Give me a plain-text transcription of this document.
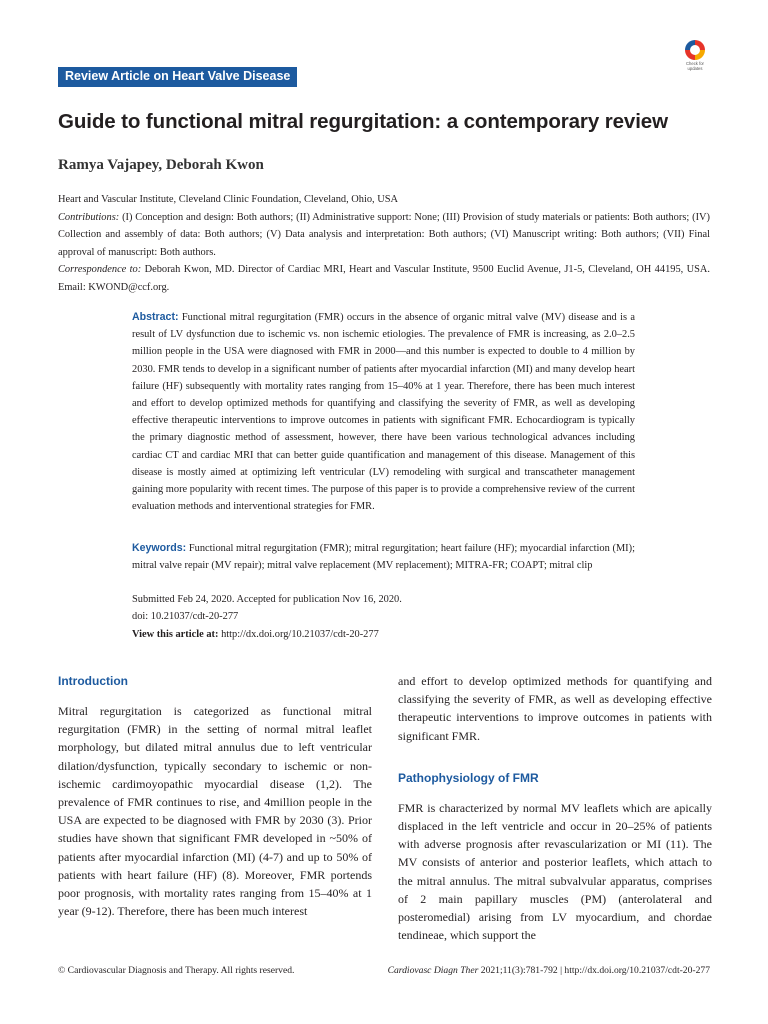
Review Article on Heart Valve Disease
Check for updates
Guide to functional mitral regurgitation: a contemporary review
Ramya Vajapey, Deborah Kwon

Heart and Vascular Institute, Cleveland Clinic Foundation, Cleveland, Ohio, USA

Contributions: (I) Conception and design: Both authors; (II) Administrative support: None; (III) Provision of study materials or patients: Both authors; (IV) Collection and assembly of data: Both authors; (V) Data analysis and interpretation: Both authors; (VI) Manuscript writing: Both authors; (VII) Final approval of manuscript: Both authors.

Correspondence to: Deborah Kwon, MD. Director of Cardiac MRI, Heart and Vascular Institute, 9500 Euclid Avenue, J1-5, Cleveland, OH 44195, USA. Email: KWOND@ccf.org.

Abstract: Functional mitral regurgitation (FMR) occurs in the absence of organic mitral valve (MV) disease and is a result of LV dysfunction due to ischemic vs. non ischemic etiologies. The prevalence of FMR is increasing, as 2.0–2.5 million people in the USA were diagnosed with FMR in 2000—and this number is expected to double to 4 million by 2030. FMR tends to develop in a significant number of patients after myocardial infarction (MI) and many develop heart failure (HF) subsequently with mortality rates ranging from 15–40% at 1 year. Therefore, there has been much interest and effort to develop optimized methods for quantifying and classifying the severity of FMR, as well as developing effective therapeutic interventions to improve outcomes in patients with significant FMR. Echocardiogram is typically the primary diagnostic method of assessment, however, there have been various technological advances including cardiac CT and cardiac MRI that can better guide quantification and management of this disease. Management of this disease is mostly aimed at optimizing left ventricular (LV) remodeling with surgical and transcatheter management gaining more popularity with recent times. The purpose of this paper is to provide a comprehensive review of the current evaluation methods and interventional strategies for FMR.
Keywords: Functional mitral regurgitation (FMR); mitral regurgitation; heart failure (HF); myocardial infarction (MI); mitral valve repair (MV repair); mitral valve replacement (MV replacement); MITRA-FR; COAPT; mitral clip
Submitted Feb 24, 2020. Accepted for publication Nov 16, 2020.
doi: 10.21037/cdt-20-277
View this article at: http://dx.doi.org/10.21037/cdt-20-277
Introduction
Mitral regurgitation is categorized as functional mitral regurgitation (FMR) in the setting of normal mitral leaflet morphology, but dilated mitral annulus due to left ventricular dilation/dysfunction, typically secondary to ischemic or non-ischemic cardimoyopathic myocardial disease (1,2). The prevalence of FMR continues to rise, and 4million people in the USA are expected to be diagnosed with FMR by 2030 (3). Prior studies have shown that significant FMR developed in ~50% of patients after myocardial infarction (MI) (4-7) and up to 50% of patients with heart failure (HF) (8). Moreover, FMR portends poor prognosis, with mortality rates ranging from 15–40% at 1 year (9-12). Therefore, there has been much interest
and effort to develop optimized methods for quantifying and classifying the severity of FMR, as well as developing effective therapeutic interventions to improve outcomes in patients with significant FMR.
Pathophysiology of FMR
FMR is characterized by normal MV leaflets which are apically displaced in the left ventricle and occur in 20–25% of patients with adverse prognosis after revascularization or MI (11). The MV consists of anterior and posterior leaflets, which attach to the mitral annulus. The mitral subvalvular apparatus, comprises of 2 main papillary muscles (PM) (anterolateral and posteromedial) arising from LV myocardium, and chordae tendineae, which support the
© Cardiovascular Diagnosis and Therapy. All rights reserved.	Cardiovasc Diagn Ther 2021;11(3):781-792 | http://dx.doi.org/10.21037/cdt-20-277
